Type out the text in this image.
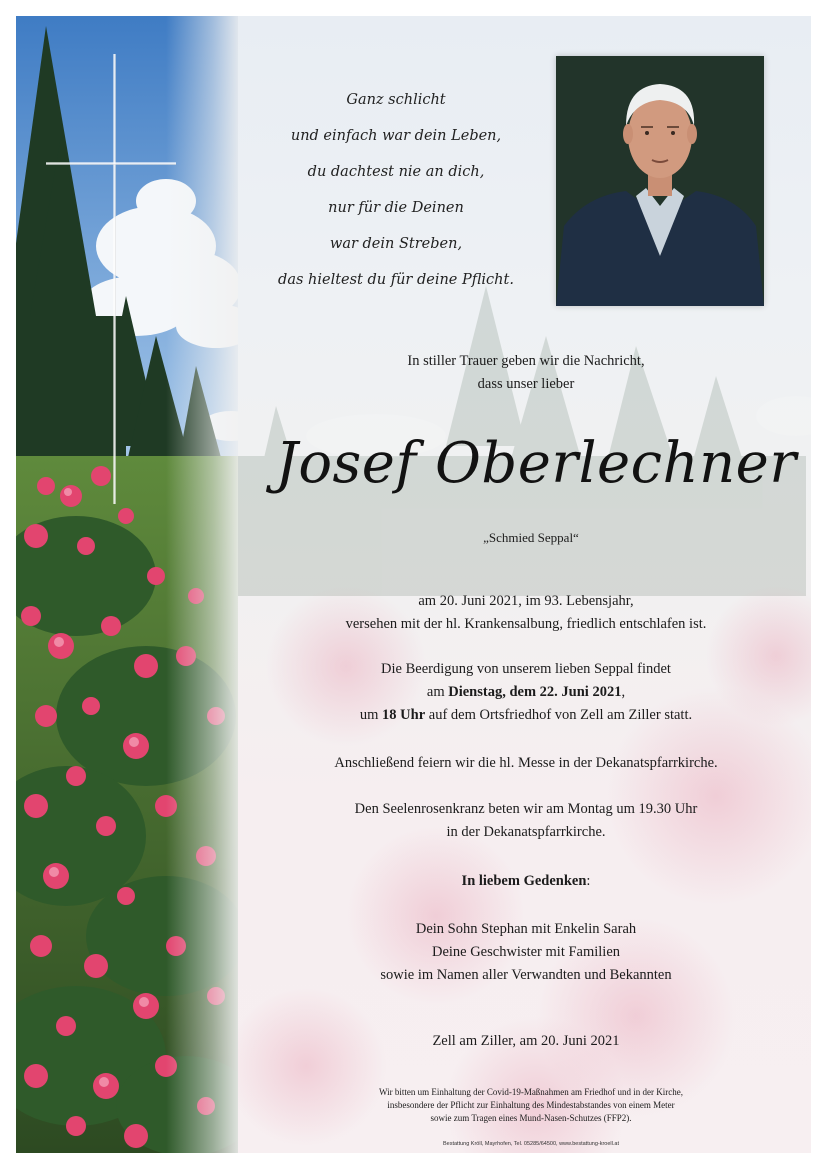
Ganz schlicht
und einfach war dein Leben,
du dachtest nie an dich,
nur für die Deinen
war dein Streben,
das hieltest du für deine Pflicht.
In stiller Trauer geben wir die Nachricht,
dass unser lieber
Josef Oberlechner
„Schmied Seppal“
am 20. Juni 2021, im 93. Lebensjahr,
versehen mit der hl. Krankensalbung, friedlich entschlafen ist.
Die Beerdigung von unserem lieben Seppal findet
am Dienstag, dem 22. Juni 2021,
um 18 Uhr auf dem Ortsfriedhof von Zell am Ziller statt.
Anschließend feiern wir die hl. Messe in der Dekanatspfarrkirche.
Den Seelenrosenkranz beten wir am Montag um 19.30 Uhr
in der Dekanatspfarrkirche.
In liebem Gedenken:
Dein Sohn Stephan mit Enkelin Sarah
Deine Geschwister mit Familien
sowie im Namen aller Verwandten und Bekannten
Zell am Ziller, am 20. Juni 2021
Wir bitten um Einhaltung der Covid-19-Maßnahmen am Friedhof und in der Kirche,
insbesondere der Pflicht zur Einhaltung des Mindestabstandes von einem Meter
sowie zum Tragen eines Mund-Nasen-Schutzes (FFP2).
Bestattung Kröll, Mayrhofen, Tel. 05285/64500, www.bestattung-kroell.at
